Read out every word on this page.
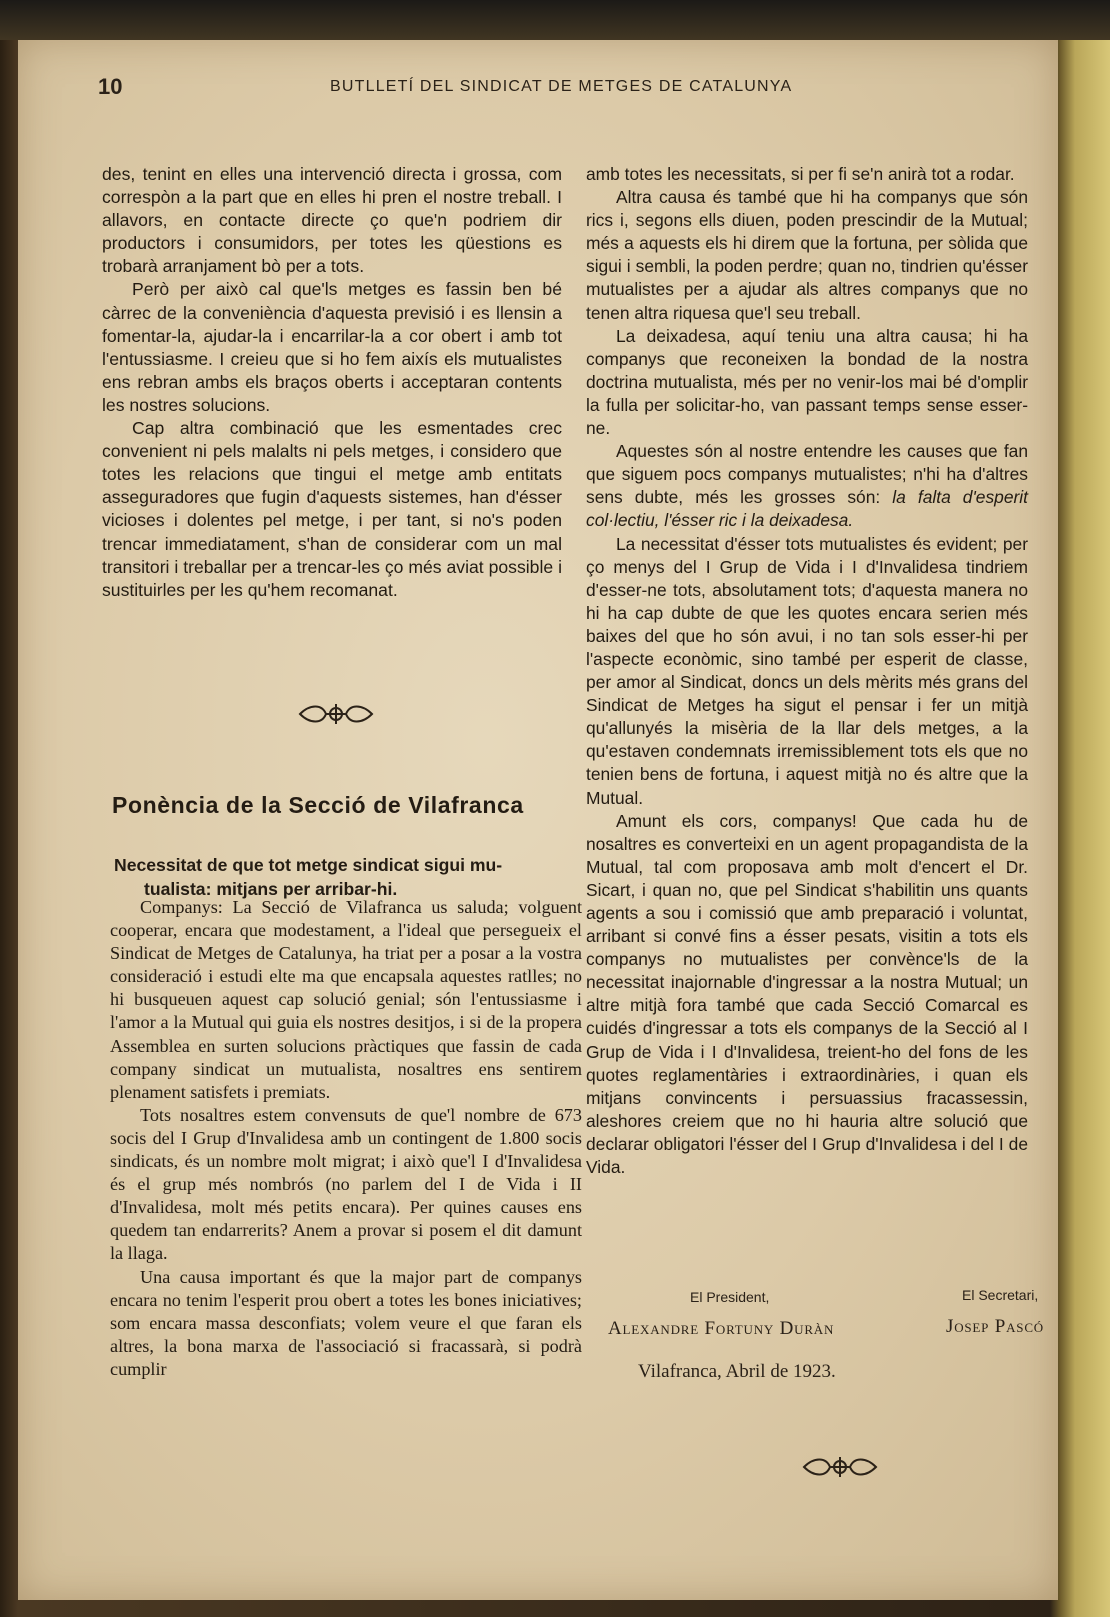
10	BUTLLETÍ DEL SINDICAT DE METGES DE CATALUNYA

des, tenint en elles una intervenció directa i grossa, com correspòn a la part que en elles hi pren el nostre treball. I allavors, en contacte directe ço que'n podriem dir productors i consumidors, per totes les qüestions es trobarà arranjament bò per a tots.

Però per això cal que'ls metges es fassin ben bé càrrec de la conveniència d'aquesta previsió i es llensin a fomentar-la, ajudar-la i encarrilar-la a cor obert i amb tot l'entussiasme. I creieu que si ho fem aixís els mutualistes ens rebran ambs els braços oberts i acceptaran contents les nostres solucions.

Cap altra combinació que les esmentades crec convenient ni pels malalts ni pels metges, i considero que totes les relacions que tingui el metge amb entitats asseguradores que fugin d'aquests sistemes, han d'ésser vicioses i dolentes pel metge, i per tant, si no's poden trencar immediatament, s'han de considerar com un mal transitori i treballar per a trencar-les ço més aviat possible i sustituirles per les qu'hem recomanat.

Ponència de la Secció de Vilafranca
Necessitat de que tot metge sindicat sigui mu-
tualista: mitjans per arribar-hi.

Companys: La Secció de Vilafranca us saluda; volguent cooperar, encara que modestament, a l'ideal que persegueix el Sindicat de Metges de Catalunya, ha triat per a posar a la vostra consideració i estudi elte ma que encapsala aquestes ratlles; no hi busqueuen aquest cap solució genial; són l'entussiasme i l'amor a la Mutual qui guia els nostres desitjos, i si de la propera Assemblea en surten solucions pràctiques que fassin de cada company sindicat un mutualista, nosaltres ens sentirem plenament satisfets i premiats.

Tots nosaltres estem convensuts de que'l nombre de 673 socis del I Grup d'Invalidesa amb un contingent de 1.800 socis sindicats, és un nombre molt migrat; i això que'l I d'Invalidesa és el grup més nombrós (no parlem del I de Vida i II d'Invalidesa, molt més petits encara). Per quines causes ens quedem tan endarrerits? Anem a provar si posem el dit damunt la llaga.

Una causa important és que la major part de companys encara no tenim l'esperit prou obert a totes les bones iniciatives; som encara massa desconfiats; volem veure el que faran els altres, la bona marxa de l'associació si fracassarà, si podrà cumplir

amb totes les necessitats, si per fi se'n anirà tot a rodar.

Altra causa és també que hi ha companys que són rics i, segons ells diuen, poden prescindir de la Mutual; més a aquests els hi direm que la fortuna, per sòlida que sigui i sembli, la poden perdre; quan no, tindrien qu'ésser mutualistes per a ajudar als altres companys que no tenen altra riquesa que'l seu treball.

La deixadesa, aquí teniu una altra causa; hi ha companys que reconeixen la bondad de la nostra doctrina mutualista, més per no venir-los mai bé d'omplir la fulla per solicitar-ho, van passant temps sense esser-ne.

Aquestes són al nostre entendre les causes que fan que siguem pocs companys mutualistes; n'hi ha d'altres sens dubte, més les grosses són: la falta d'esperit col·lectiu, l'ésser ric i la deixadesa.

La necessitat d'ésser tots mutualistes és evident; per ço menys del I Grup de Vida i I d'Invalidesa tindriem d'esser-ne tots, absolutament tots; d'aquesta manera no hi ha cap dubte de que les quotes encara serien més baixes del que ho són avui, i no tan sols esser-hi per l'aspecte econòmic, sino també per esperit de classe, per amor al Sindicat, doncs un dels mèrits més grans del Sindicat de Metges ha sigut el pensar i fer un mitjà qu'allunyés la misèria de la llar dels metges, a la qu'estaven condemnats irremissiblement tots els que no tenien bens de fortuna, i aquest mitjà no és altre que la Mutual.

Amunt els cors, companys! Que cada hu de nosaltres es converteixi en un agent propagandista de la Mutual, tal com proposava amb molt d'encert el Dr. Sicart, i quan no, que pel Sindicat s'habilitin uns quants agents a sou i comissió que amb preparació i voluntat, arribant si convé fins a ésser pesats, visitin a tots els companys no mutualistes per convènce'ls de la necessitat inajornable d'ingressar a la nostra Mutual; un altre mitjà fora també que cada Secció Comarcal es cuidés d'ingressar a tots els companys de la Secció al I Grup de Vida i I d'Invalidesa, treient-ho del fons de les quotes reglamentàries i extraordinàries, i quan els mitjans convincents i persuassius fracassessin, aleshores creiem que no hi hauria altre solució que declarar obligatori l'ésser del I Grup d'Invalidesa i del I de Vida.

El President,
Alexandre Fortuny Duràn
El Secretari,
Josep Pascó
Vilafranca, Abril de 1923.
